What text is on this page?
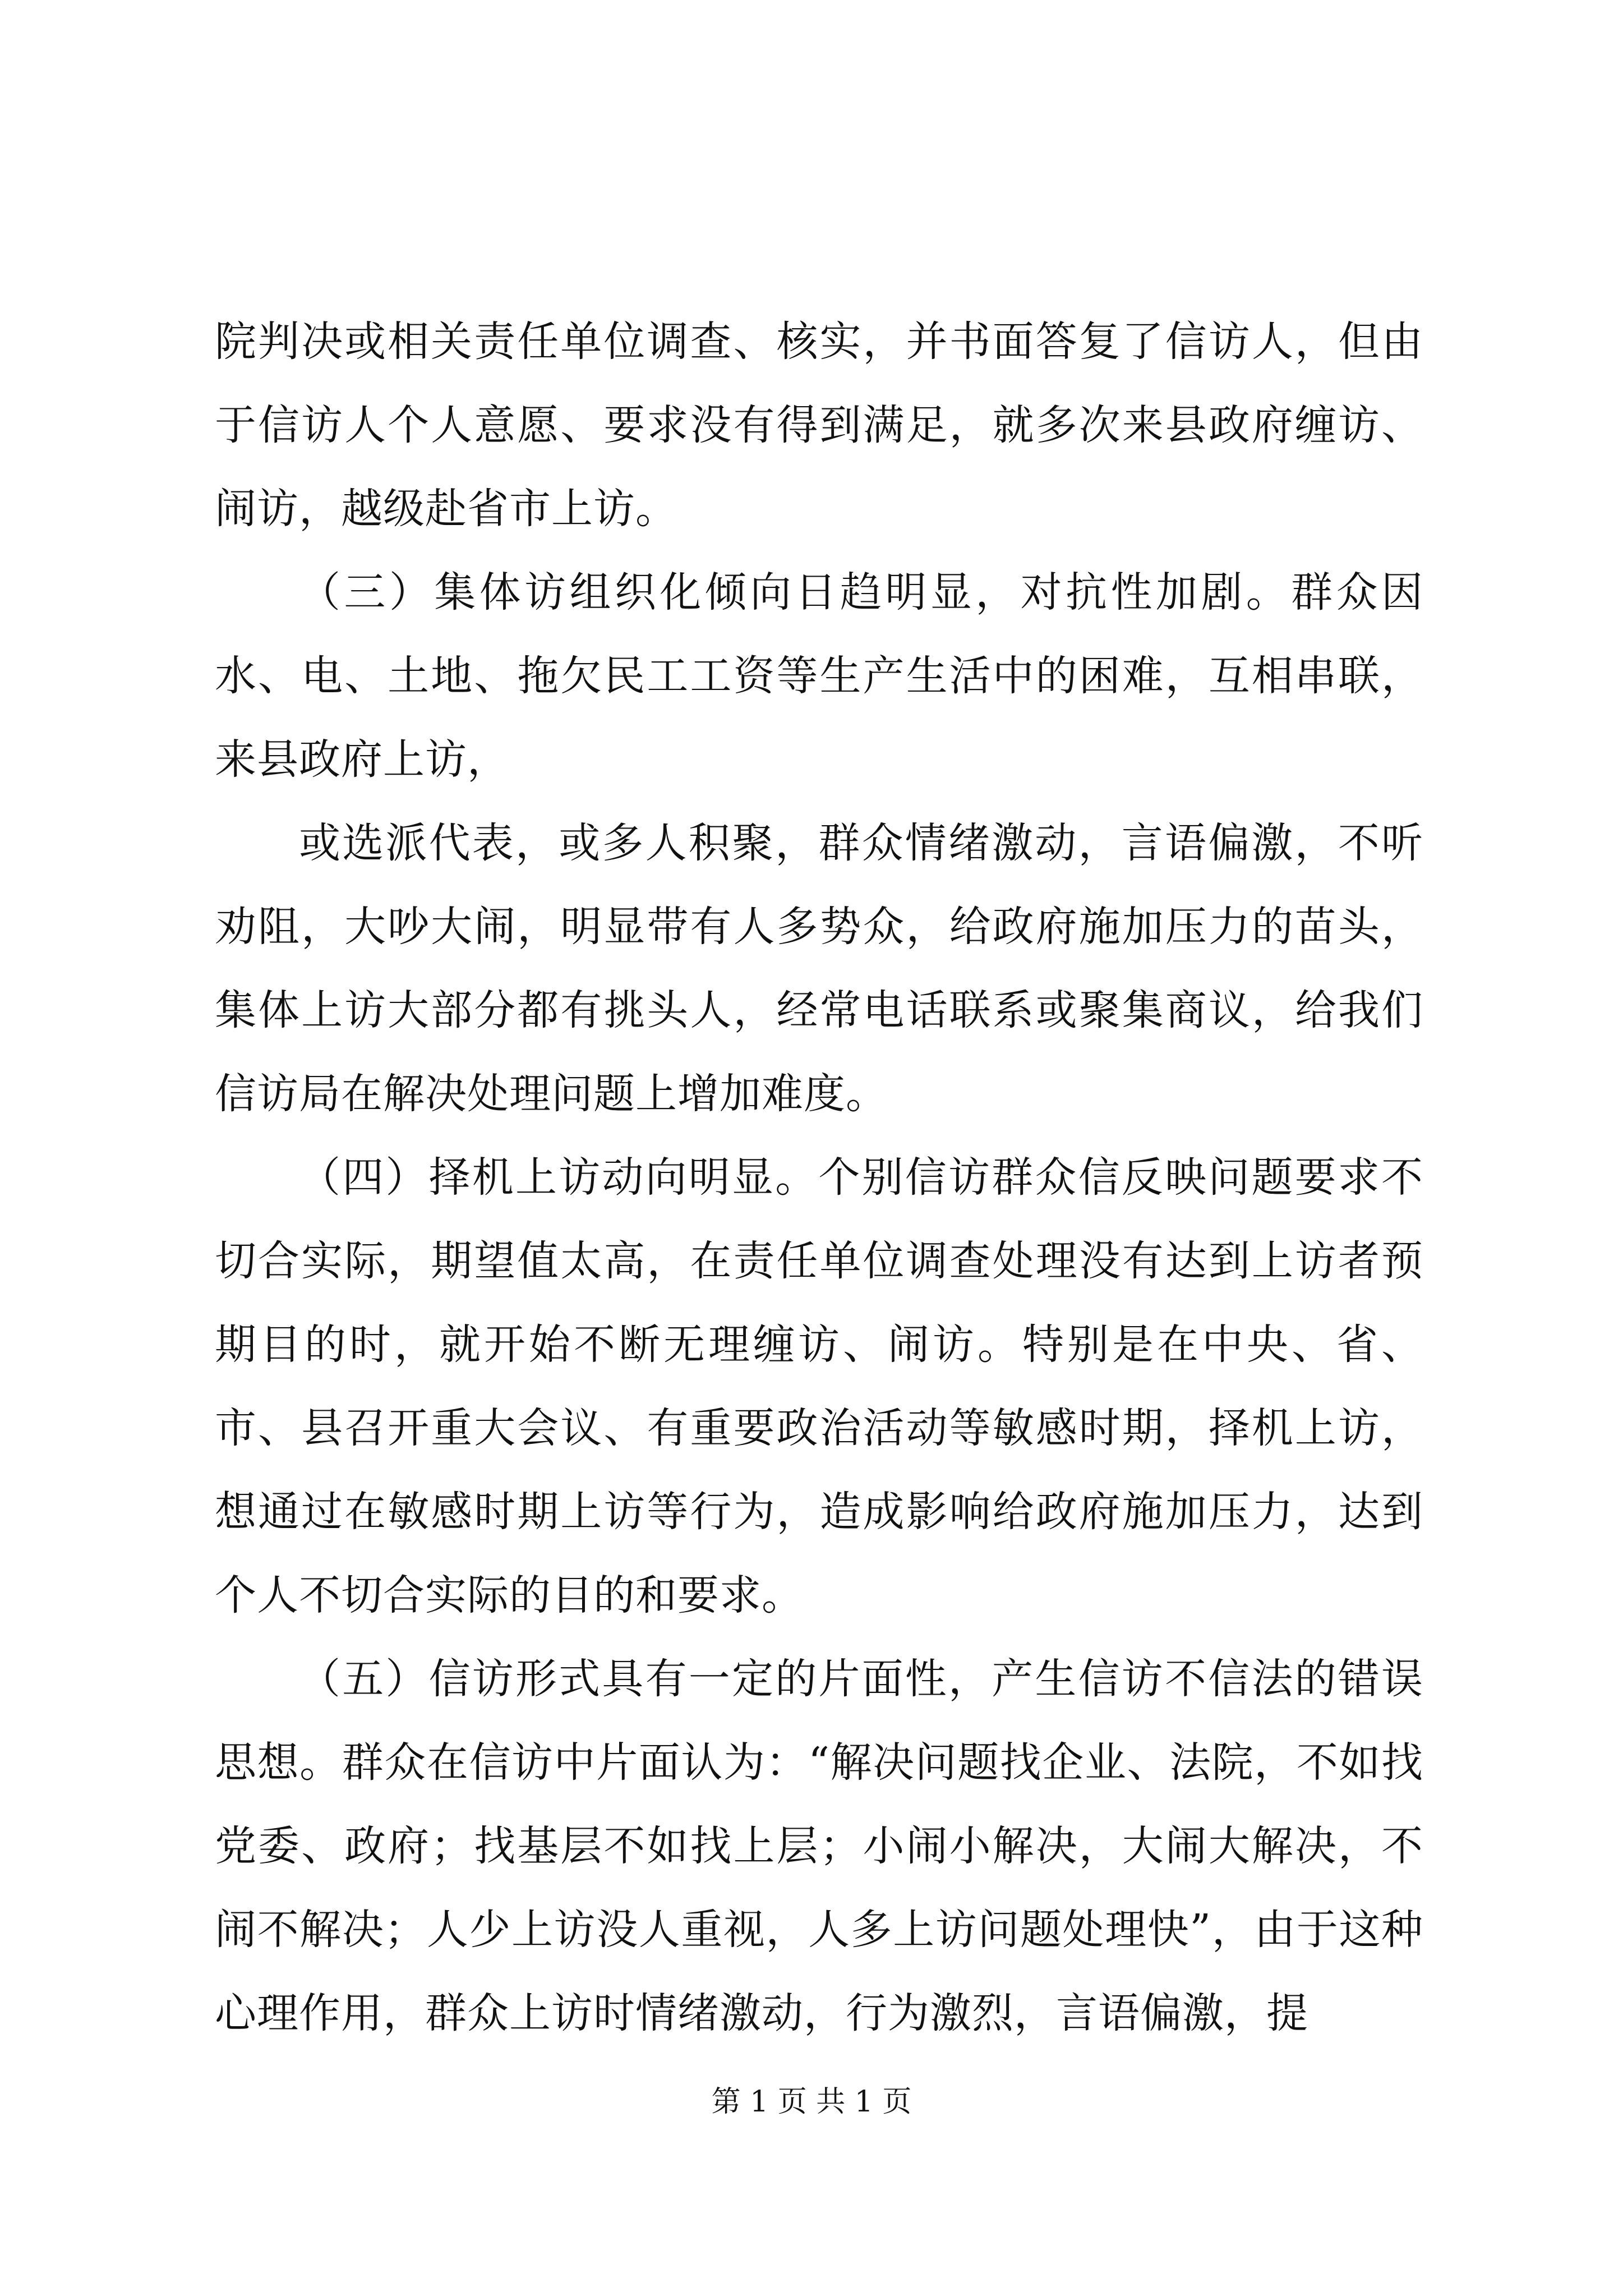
院判决或相关责任单位调查、核实，并书面答复了信访人，但由于信访人个人意愿、要求没有得到满足，就多次来县政府缠访、闹访，越级赴省市上访。

（三）集体访组织化倾向日趋明显，对抗性加剧。群众因水、电、土地、拖欠民工工资等生产生活中的困难，互相串联，来县政府上访，

或选派代表，或多人积聚，群众情绪激动，言语偏激，不听劝阻，大吵大闹，明显带有人多势众，给政府施加压力的苗头，集体上访大部分都有挑头人，经常电话联系或聚集商议，给我们信访局在解决处理问题上增加难度。

（四）择机上访动向明显。个别信访群众信反映问题要求不切合实际，期望值太高，在责任单位调查处理没有达到上访者预期目的时，就开始不断无理缠访、闹访。特别是在中央、省、市、县召开重大会议、有重要政治活动等敏感时期，择机上访，想通过在敏感时期上访等行为，造成影响给政府施加压力，达到个人不切合实际的目的和要求。

（五）信访形式具有一定的片面性，产生信访不信法的错误思想。群众在信访中片面认为：“解决问题找企业、法院，不如找党委、政府；找基层不如找上层；小闹小解决，大闹大解决，不闹不解决；人少上访没人重视，人多上访问题处理快”，由于这种心理作用，群众上访时情绪激动，行为激烈，言语偏激，提

第 1 页 共 1 页
